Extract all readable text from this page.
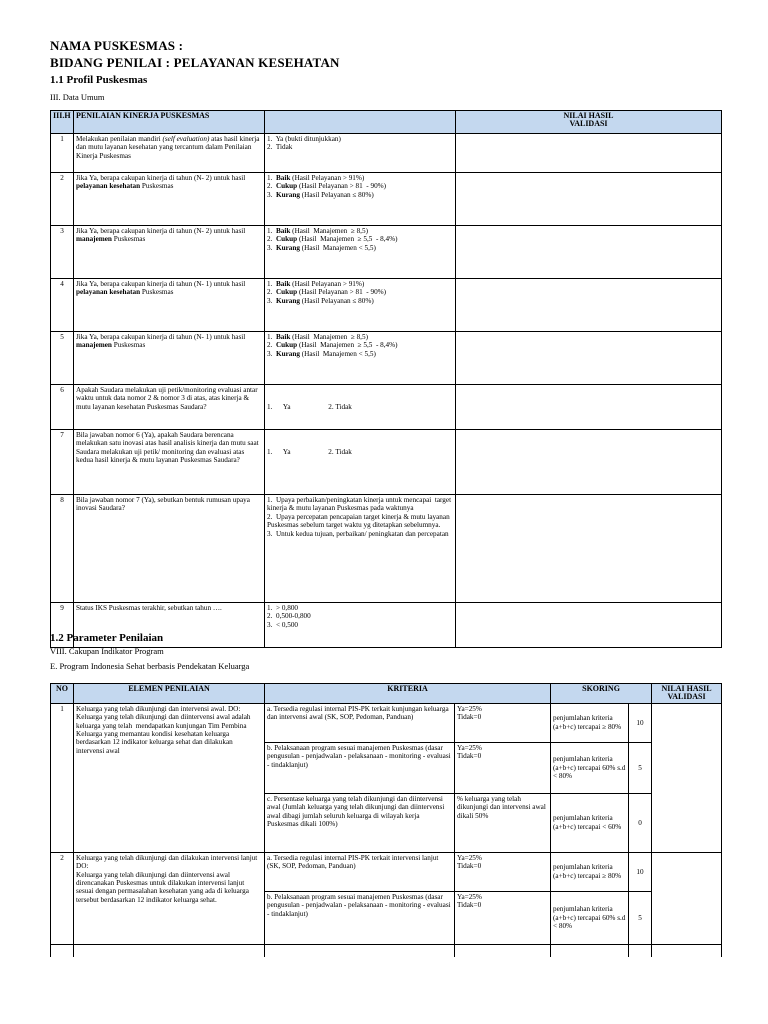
NAMA PUSKESMAS :
BIDANG PENILAI : PELAYANAN KESEHATAN
1.1 Profil Puskesmas
III. Data Umum
III.H	PENILAIAN KINERJA PUSKESMAS		NILAI HASIL
VALIDASI
1	Melakukan penilaian mandiri (self evaluation) atas hasil kinerja dan mutu layanan kesehatan yang tercantum dalam Penilaian Kinerja Puskesmas	1.  Ya (bukti ditunjukkan)
2.  Tidak	
2	Jika Ya, berapa cakupan kinerja di tahun (N- 2) untuk hasil pelayanan kesehatan Puskesmas	1.  Baik (Hasil Pelayanan > 91%)
2.  Cukup (Hasil Pelayanan > 81  - 90%)
3.  Kurang (Hasil Pelayanan ≤ 80%)	
3	Jika Ya, berapa cakupan kinerja di tahun (N- 2) untuk hasil manajemen Puskesmas	1.  Baik (Hasil  Manajemen  ≥ 8,5)
2.  Cukup (Hasil  Manajemen  ≥ 5,5  - 8,4%)
3.  Kurang (Hasil  Manajemen < 5,5)	
4	Jika Ya, berapa cakupan kinerja di tahun (N- 1) untuk hasil pelayanan kesehatan Puskesmas	1.  Baik (Hasil Pelayanan > 91%)
2.  Cukup (Hasil Pelayanan > 81  - 90%)
3.  Kurang (Hasil Pelayanan ≤ 80%)	
5	Jika Ya, berapa cakupan kinerja di tahun (N- 1) untuk hasil manajemen Puskesmas	1.  Baik (Hasil  Manajemen  ≥ 8,5)
2.  Cukup (Hasil  Manajemen  ≥ 5,5  - 8,4%)
3.  Kurang (Hasil  Manajemen < 5,5)	
6	Apakah Saudara melakukan uji petik/monitoring evaluasi antar waktu untuk data nomor 2 & nomor 3 di atas, atas kinerja & mutu layanan kesehatan Puskesmas Saudara?	

1.      Ya                     2. Tidak	
7	Bila jawaban nomor 6 (Ya), apakah Saudara berencana melakukan satu inovasi atas hasil analisis kinerja dan mutu saat Saudara melakukan uji petik/ monitoring dan evaluasi atas kedua hasil kinerja & mutu layanan Puskesmas Saudara?	

1.      Ya                     2. Tidak	
8	Bila jawaban nomor 7 (Ya), sebutkan bentuk rumusan upaya inovasi Saudara?	1.  Upaya perbaikan/peningkatan kinerja untuk mencapai  target kinerja & mutu layanan Puskesmas pada waktunya
2.  Upaya percepatan pencapaian target kinerja & mutu layanan Puskesmas sebelum target waktu yg ditetapkan sebelumnya.
3.  Untuk kedua tujuan, perbaikan/ peningkatan dan percepatan	
9	Status IKS Puskesmas terakhir, sebutkan tahun ….	1.  > 0,800
2.  0,500-0,800
3.  < 0,500	
1.2 Parameter Penilaian
VIII. Cakupan Indikator Program
E. Program Indonesia Sehat berbasis Pendekatan Keluarga
NO	ELEMEN PENILAIAN	KRITERIA		SKORING		NILAI HASIL
VALIDASI
1	Keluarga yang telah dikunjungi dan intervensi awal. DO:
Keluarga yang telah dikunjungi dan diintervensi awal adalah keluarga yang telah  mendapatkan kunjungan Tim Pembina Keluarga yang memantau kondisi kesehatan keluarga berdasarkan 12 indikator keluarga sehat dan dilakukan intervensi awal	a. Tersedia regulasi internal PIS-PK terkait kunjungan keluarga dan intervensi awal (SK, SOP, Pedoman, Panduan)	Ya=25%
Tidak=0	penjumlahan kriteria (a+b+c) tercapai ≥ 80%	10	
		b. Pelaksanaan program sesuai manajemen Puskesmas (dasar pengusulan - penjadwalan - pelaksanaan - monitoring - evaluasi - tindaklanjut)	Ya=25%
Tidak=0	penjumlahan kriteria (a+b+c) tercapai 60% s.d < 80%	5	
		c. Persentase keluarga yang telah dikunjungi dan diintervensi awal (Jumlah keluarga yang telah dikunjungi dan diintervensi awal dibagi jumlah seluruh keluarga di wilayah kerja Puskesmas dikali 100%)	% keluarga yang telah dikunjungi dan intervensi awal dikali 50%	penjumlahan kriteria (a+b+c) tercapai < 60%	0	
2	Keluarga yang telah dikunjungi dan dilakukan intervensi lanjut DO:
Keluarga yang telah dikunjungi dan diintervensi awal direncanakan Puskesmas untuk dilakukan intervensi lanjut sesuai dengan permasalahan kesehatan yang ada di keluarga tersebut berdasarkan 12 indikator keluarga sehat.	a. Tersedia regulasi internal PIS-PK terkait intervensi lanjut (SK, SOP, Pedoman, Panduan)	Ya=25%
Tidak=0	penjumlahan kriteria (a+b+c) tercapai ≥ 80%	10	
		b. Pelaksanaan program sesuai manajemen Puskesmas (dasar pengusulan - penjadwalan - pelaksanaan - monitoring - evaluasi - tindaklanjut)	Ya=25%
Tidak=0	penjumlahan kriteria (a+b+c) tercapai 60% s.d < 80%	5	
